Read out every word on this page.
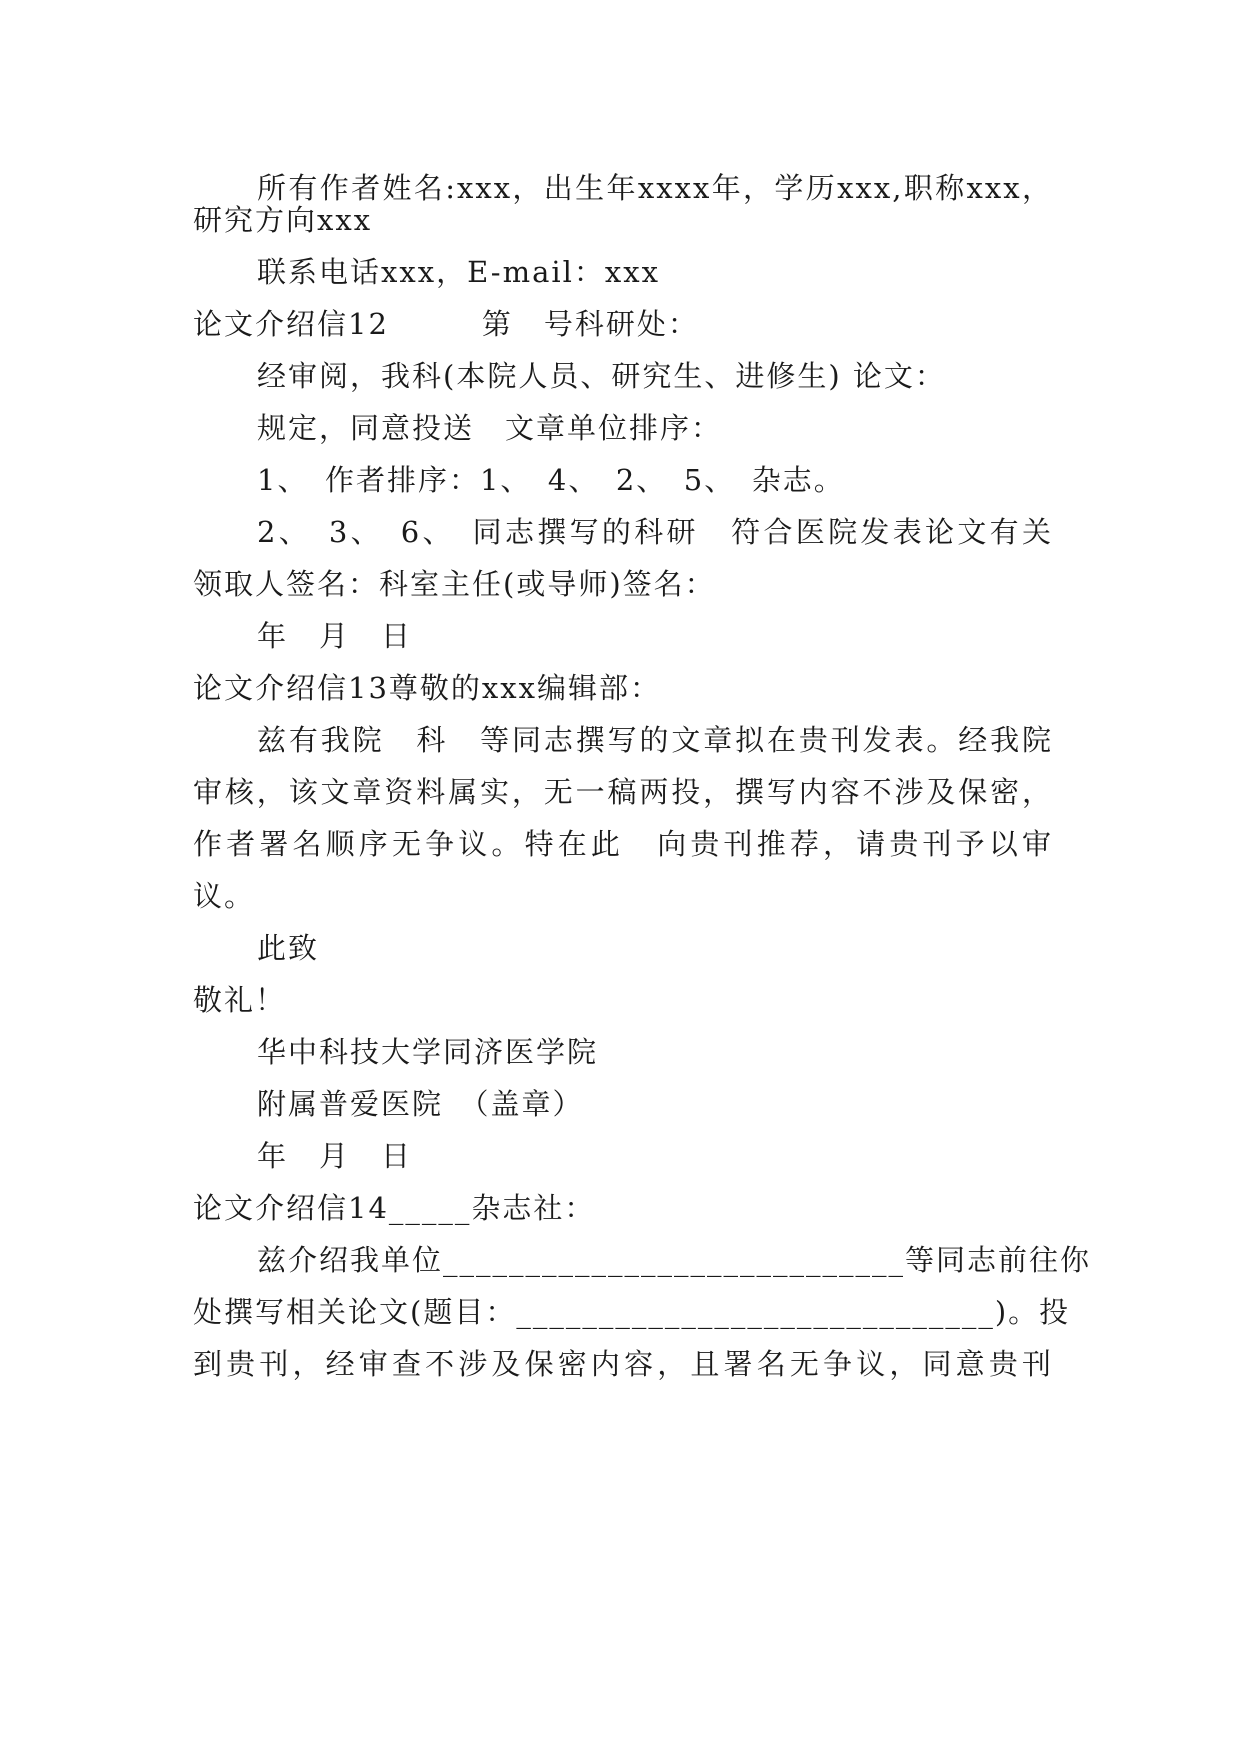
所有作者姓名:xxx，出生年xxxx年，学历xxx,职称xxx，
研究方向xxx
联系电话xxx，E-mail：xxx
论文介绍信12　　　第　号科研处：
经审阅，我科(本院人员、研究生、进修生) 论文：
规定，同意投送　文章单位排序：
1、　作者排序：1、　4、　2、　5、　杂志。
2、　3、　6、　同志撰写的科研　符合医院发表论文有关
领取人签名：科室主任(或导师)签名：
年　月　日
论文介绍信13尊敬的xxx编辑部：
兹有我院　科　等同志撰写的文章拟在贵刊发表。经我院
审核，该文章资料属实，无一稿两投，撰写内容不涉及保密，
作者署名顺序无争议。特在此　向贵刊推荐，请贵刊予以审
议。
此致
敬礼！
华中科技大学同济医学院
附属普爱医院　（盖章）
年　月　日
论文介绍信14_____杂志社：
兹介绍我单位____________________________等同志前往你
处撰写相关论文(题目：_____________________________)。投
到贵刊，经审查不涉及保密内容，且署名无争议，同意贵刊
